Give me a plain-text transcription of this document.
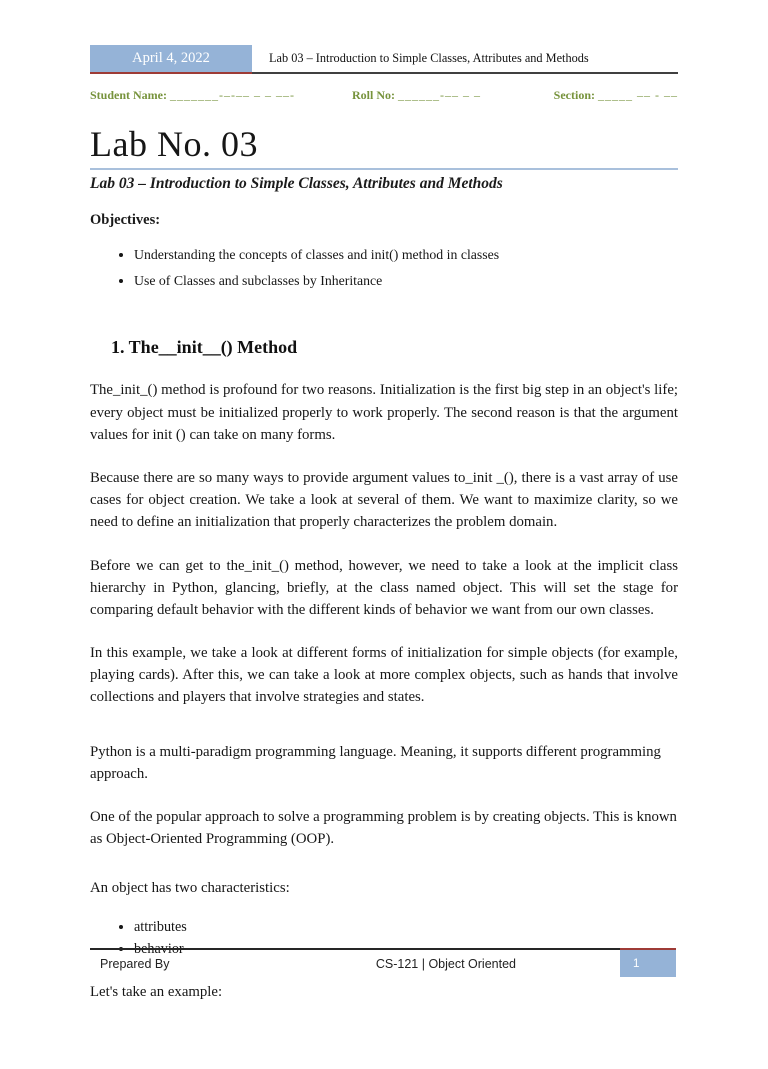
April 4, 2022	Lab 03 – Introduction to Simple Classes, Attributes and Methods
Student Name: _______-–-–– – – ––-	Roll No: ______-–– – –	Section: _____ –– - ––
Lab No. 03
Lab 03 – Introduction to Simple Classes, Attributes and Methods
Objectives:
• Understanding the concepts of classes and init() method in classes
• Use of Classes and subclasses by Inheritance
1. The__init__() Method

The_init_() method is profound for two reasons. Initialization is the first big step in an object's life; every object must be initialized properly to work properly. The second reason is that the argument values for init () can take on many forms.

Because there are so many ways to provide argument values to_init _(), there is a vast array of use cases for object creation. We take a look at several of them. We want to maximize clarity, so we need to define an initialization that properly characterizes the problem domain.

Before we can get to the_init_() method, however, we need to take a look at the implicit class hierarchy in Python, glancing, briefly, at the class named object. This will set the stage for comparing default behavior with the different kinds of behavior we want from our own classes.

In this example, we take a look at different forms of initialization for simple objects (for example, playing cards). After this, we can take a look at more complex objects, such as hands that involve collections and players that involve strategies and states.

Python is a multi-paradigm programming language. Meaning, it supports different programming approach.

One of the popular approach to solve a programming problem is by creating objects. This is known as Object-Oriented Programming (OOP).

An object has two characteristics:

• attributes
• behavior

Let's take an example:

Prepared By	CS-121 | Object Oriented	1
